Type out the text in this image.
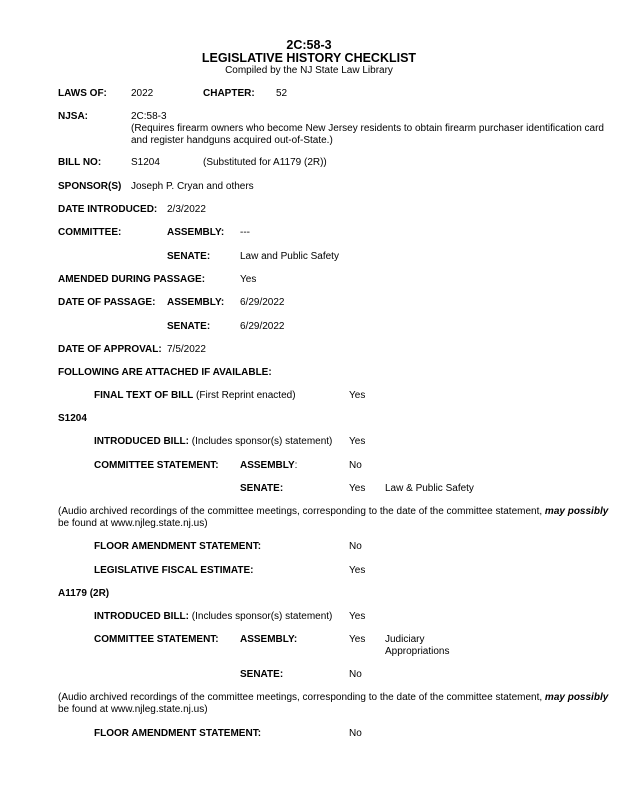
2C:58-3
LEGISLATIVE HISTORY CHECKLIST
Compiled by the NJ State Law Library
LAWS OF: 2022	CHAPTER: 52
NJSA:	2C:58-3
(Requires firearm owners who become New Jersey residents to obtain firearm purchaser identification card
and register handguns acquired out-of-State.)
BILL NO:	S1204	(Substituted for A1179 (2R))
SPONSOR(S) Joseph P. Cryan and others
DATE INTRODUCED: 2/3/2022
COMMITTEE:	ASSEMBLY: ---
SENATE:	Law and Public Safety
AMENDED DURING PASSAGE:	Yes
DATE OF PASSAGE: ASSEMBLY: 6/29/2022
SENATE:	6/29/2022
DATE OF APPROVAL: 7/5/2022
FOLLOWING ARE ATTACHED IF AVAILABLE:
FINAL TEXT OF BILL (First Reprint enacted)	Yes
S1204
INTRODUCED BILL: (Includes sponsor(s) statement) Yes
COMMITTEE STATEMENT: ASSEMBLY:	No
SENATE:	Yes Law & Public Safety
(Audio archived recordings of the committee meetings, corresponding to the date of the committee statement, may possibly
be found at www.njleg.state.nj.us)
FLOOR AMENDMENT STATEMENT:	No
LEGISLATIVE FISCAL ESTIMATE:	Yes
A1179 (2R)
INTRODUCED BILL: (Includes sponsor(s) statement) Yes
COMMITTEE STATEMENT: ASSEMBLY:	Yes Judiciary
Appropriations
SENATE:	No
(Audio archived recordings of the committee meetings, corresponding to the date of the committee statement, may possibly
be found at www.njleg.state.nj.us)
FLOOR AMENDMENT STATEMENT:	No
